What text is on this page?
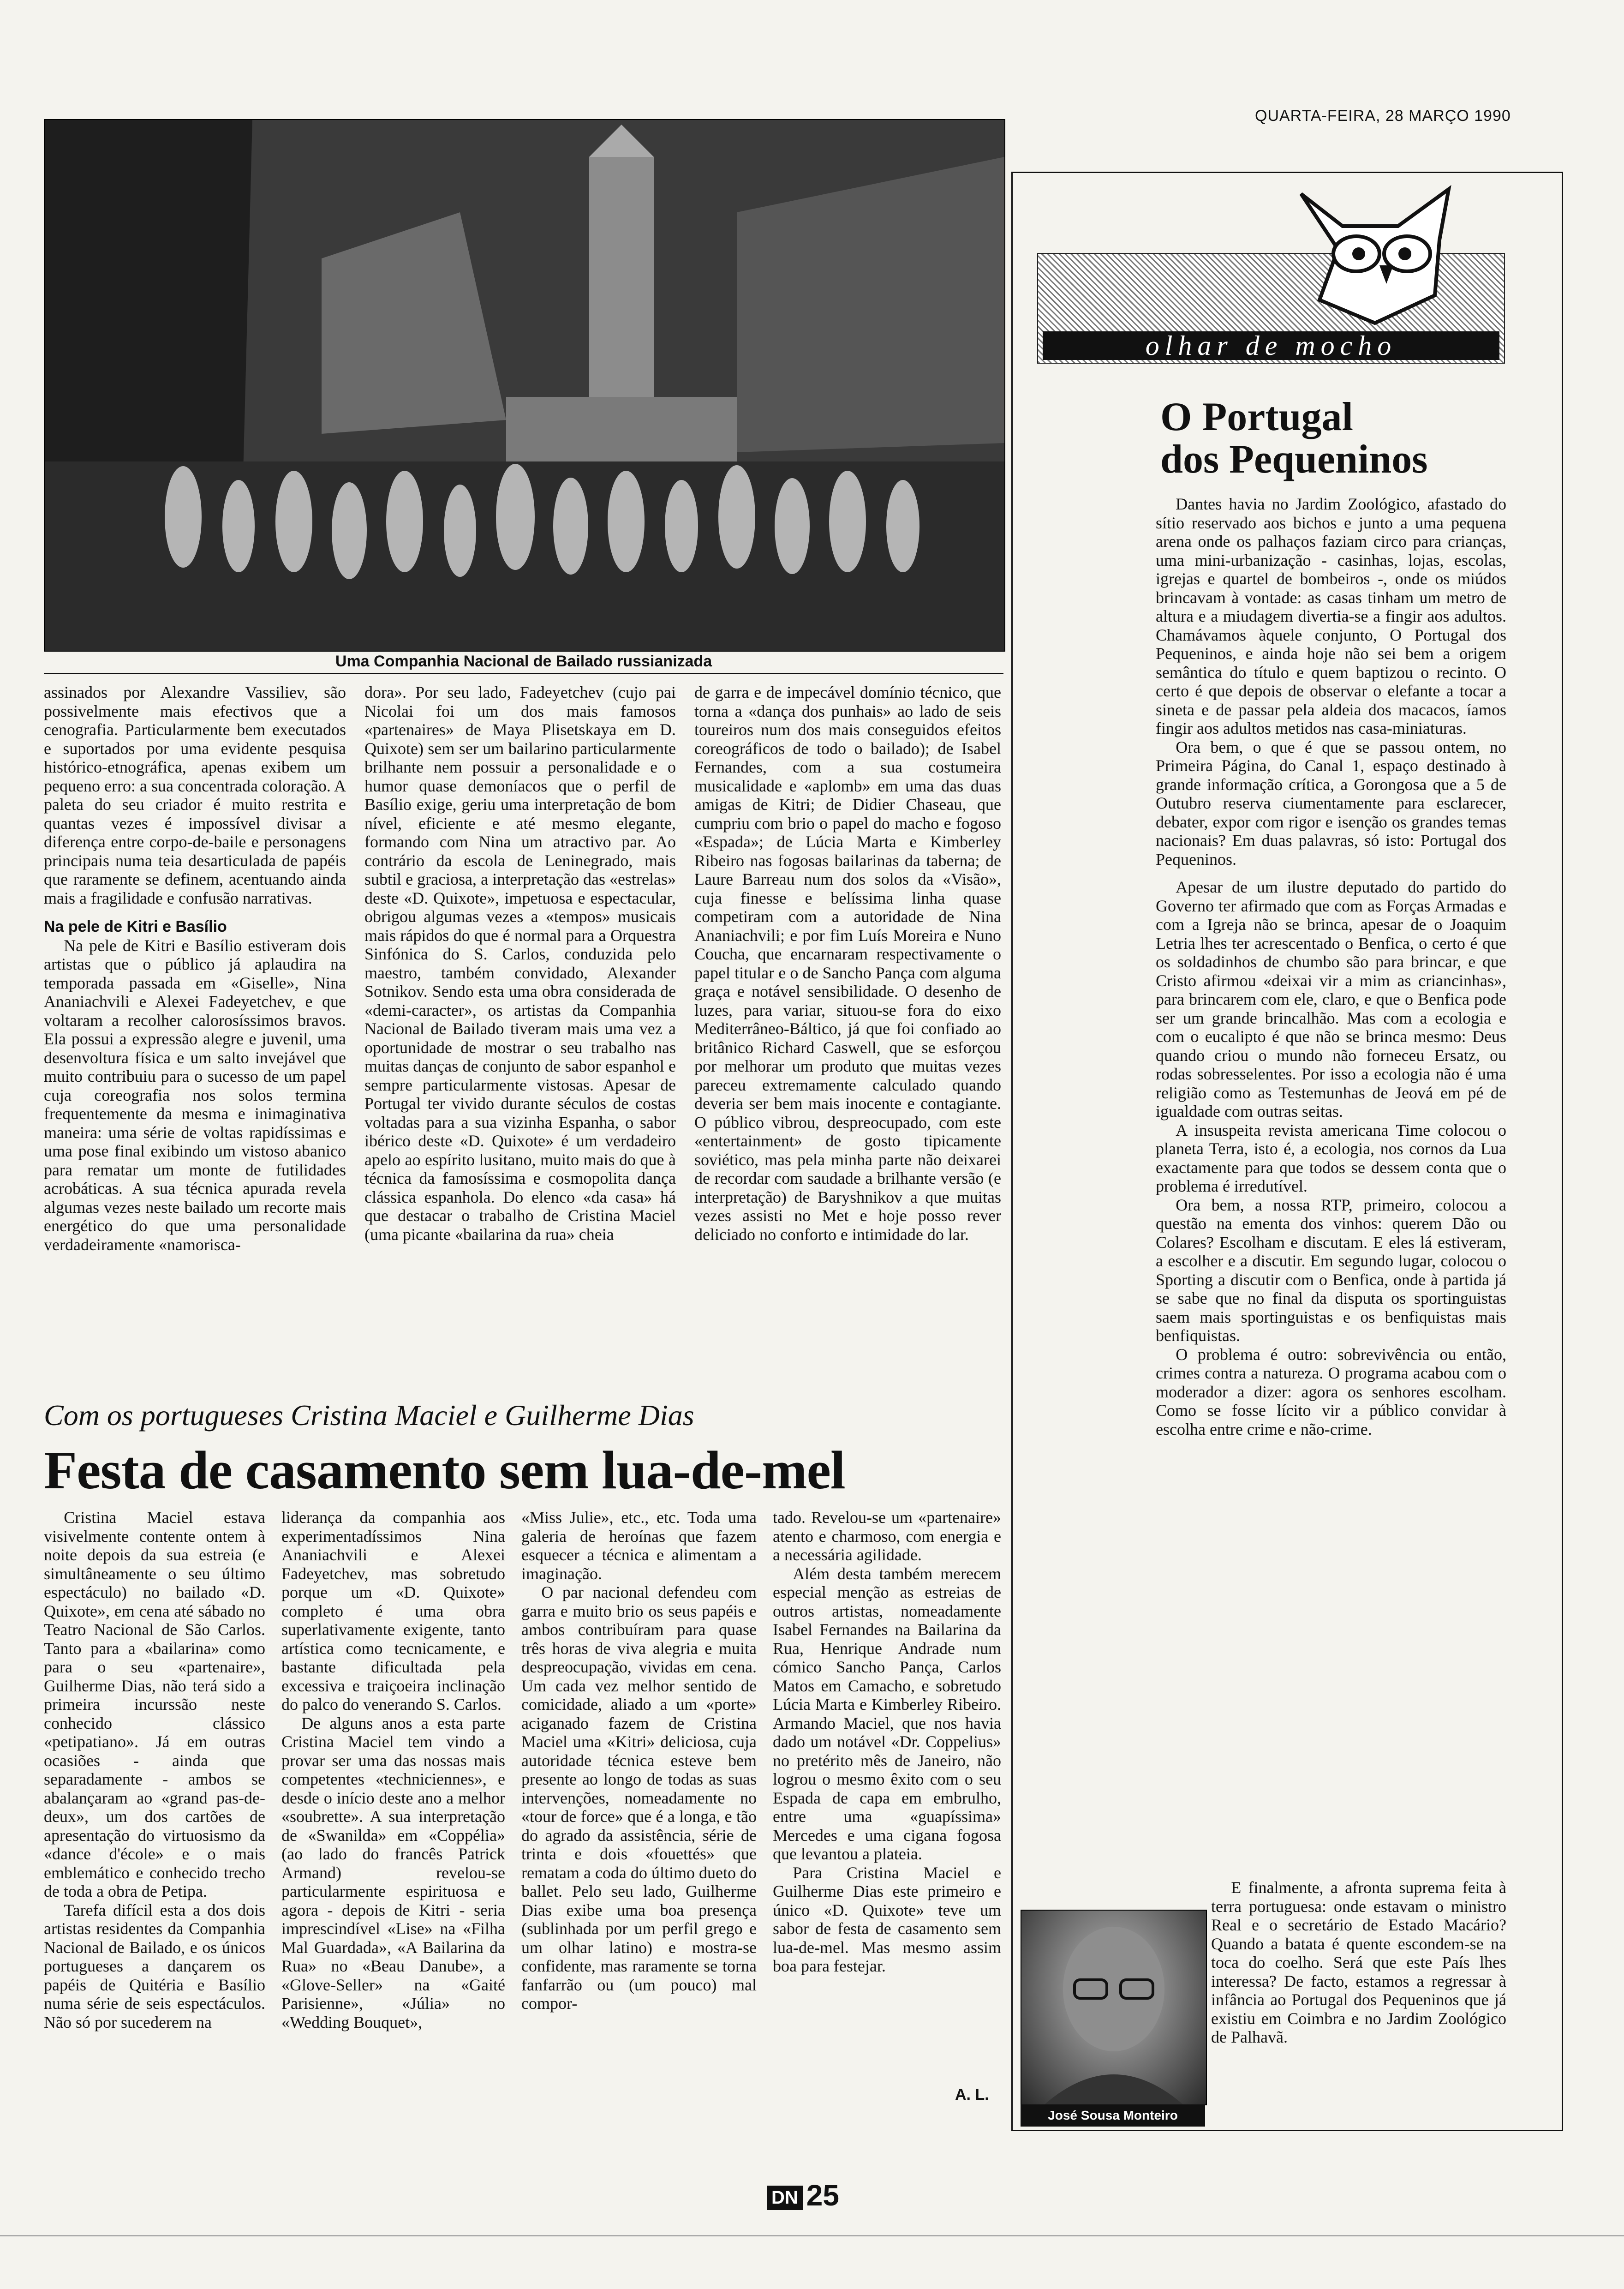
QUARTA-FEIRA, 28 MARÇO 1990
Uma Companhia Nacional de Bailado russianizada

assinados por Alexandre Vassiliev, são possivelmente mais efectivos que a cenografia. Particularmente bem executados e suportados por uma evidente pesquisa histórico-etnográfica, apenas exibem um pequeno erro: a sua concentrada coloração. A paleta do seu criador é muito restrita e quantas vezes é impossível divisar a diferença entre corpo-de-baile e personagens principais numa teia desarticulada de papéis que raramente se definem, acentuando ainda mais a fragilidade e confusão narrativas.

Na pele de Kitri e Basílio

Na pele de Kitri e Basílio estiveram dois artistas que o público já aplaudira na temporada passada em «Giselle», Nina Ananiachvili e Alexei Fadeyetchev, e que voltaram a recolher calorosíssimos bravos. Ela possui a expressão alegre e juvenil, uma desenvoltura física e um salto invejável que muito contribuiu para o sucesso de um papel cuja coreografia nos solos termina frequentemente da mesma e inimaginativa maneira: uma série de voltas rapidíssimas e uma pose final exibindo um vistoso abanico para rematar um monte de futilidades acrobáticas. A sua técnica apurada revela algumas vezes neste bailado um recorte mais energético do que uma personalidade verdadeiramente «namorisca-

dora». Por seu lado, Fadeyetchev (cujo pai Nicolai foi um dos mais famosos «partenaires» de Maya Plisetskaya em D. Quixote) sem ser um bailarino particularmente brilhante nem possuir a personalidade e o humor quase demoníacos que o perfil de Basílio exige, geriu uma interpretação de bom nível, eficiente e até mesmo elegante, formando com Nina um atractivo par. Ao contrário da escola de Leninegrado, mais subtil e graciosa, a interpretação das «estrelas» deste «D. Quixote», impetuosa e espectacular, obrigou algumas vezes a «tempos» musicais mais rápidos do que é normal para a Orquestra Sinfónica do S. Carlos, conduzida pelo maestro, também convidado, Alexander Sotnikov. Sendo esta uma obra considerada de «demi-caracter», os artistas da Companhia Nacional de Bailado tiveram mais uma vez a oportunidade de mostrar o seu trabalho nas muitas danças de conjunto de sabor espanhol e sempre particularmente vistosas. Apesar de Portugal ter vivido durante séculos de costas voltadas para a sua vizinha Espanha, o sabor ibérico deste «D. Quixote» é um verdadeiro apelo ao espírito lusitano, muito mais do que à técnica da famosíssima e cosmopolita dança clássica espanhola. Do elenco «da casa» há que destacar o trabalho de Cristina Maciel (uma picante «bailarina da rua» cheia

de garra e de impecável domínio técnico, que torna a «dança dos punhais» ao lado de seis toureiros num dos mais conseguidos efeitos coreográficos de todo o bailado); de Isabel Fernandes, com a sua costumeira musicalidade e «aplomb» em uma das duas amigas de Kitri; de Didier Chaseau, que cumpriu com brio o papel do macho e fogoso «Espada»; de Lúcia Marta e Kimberley Ribeiro nas fogosas bailarinas da taberna; de Laure Barreau num dos solos da «Visão», cuja finesse e belíssima linha quase competiram com a autoridade de Nina Ananiachvili; e por fim Luís Moreira e Nuno Coucha, que encarnaram respectivamente o papel titular e o de Sancho Pança com alguma graça e notável sensibilidade. O desenho de luzes, para variar, situou-se fora do eixo Mediterrâneo-Báltico, já que foi confiado ao britânico Richard Caswell, que se esforçou por melhorar um produto que muitas vezes pareceu extremamente calculado quando deveria ser bem mais inocente e contagiante. O público vibrou, despreocupado, com este «entertainment» de gosto tipicamente soviético, mas pela minha parte não deixarei de recordar com saudade a brilhante versão (e interpretação) de Baryshnikov a que muitas vezes assisti no Met e hoje posso rever deliciado no conforto e intimidade do lar.

Com os portugueses Cristina Maciel e Guilherme Dias
Festa de casamento sem lua-de-mel

Cristina Maciel estava visivelmente contente ontem à noite depois da sua estreia (e simultâneamente o seu último espectáculo) no bailado «D. Quixote», em cena até sábado no Teatro Nacional de São Carlos. Tanto para a «bailarina» como para o seu «partenaire», Guilherme Dias, não terá sido a primeira incurssão neste conhecido clássico «petipatiano». Já em outras ocasiões - ainda que separadamente - ambos se abalançaram ao «grand pas-de-deux», um dos cartões de apresentação do virtuosismo da «dance d'école» e o mais emblemático e conhecido trecho de toda a obra de Petipa.

Tarefa difícil esta a dos dois artistas residentes da Companhia Nacional de Bailado, e os únicos portugueses a dançarem os papéis de Quitéria e Basílio numa série de seis espectáculos. Não só por sucederem na

liderança da companhia aos experimentadíssimos Nina Ananiachvili e Alexei Fadeyetchev, mas sobretudo porque um «D. Quixote» completo é uma obra superlativamente exigente, tanto artística como tecnicamente, e bastante dificultada pela excessiva e traiçoeira inclinação do palco do venerando S. Carlos.

De alguns anos a esta parte Cristina Maciel tem vindo a provar ser uma das nossas mais competentes «techniciennes», e desde o início deste ano a melhor «soubrette». A sua interpretação de «Swanilda» em «Coppélia» (ao lado do francês Patrick Armand) revelou-se particularmente espirituosa e agora - depois de Kitri - seria imprescindível «Lise» na «Filha Mal Guardada», «A Bailarina da Rua» no «Beau Danube», a «Glove-Seller» na «Gaité Parisienne», «Júlia» no «Wedding Bouquet»,

«Miss Julie», etc., etc. Toda uma galeria de heroínas que fazem esquecer a técnica e alimentam a imaginação.

O par nacional defendeu com garra e muito brio os seus papéis e ambos contribuíram para quase três horas de viva alegria e muita despreocupação, vividas em cena. Um cada vez melhor sentido de comicidade, aliado a um «porte» aciganado fazem de Cristina Maciel uma «Kitri» deliciosa, cuja autoridade técnica esteve bem presente ao longo de todas as suas intervenções, nomeadamente no «tour de force» que é a longa, e tão do agrado da assistência, série de trinta e dois «fouettés» que rematam a coda do último dueto do ballet. Pelo seu lado, Guilherme Dias exibe uma boa presença (sublinhada por um perfil grego e um olhar latino) e mostra-se confidente, mas raramente se torna fanfarrão ou (um pouco) mal compor-

tado. Revelou-se um «partenaire» atento e charmoso, com energia e a necessária agilidade.

Além desta também merecem especial menção as estreias de outros artistas, nomeadamente Isabel Fernandes na Bailarina da Rua, Henrique Andrade num cómico Sancho Pança, Carlos Matos em Camacho, e sobretudo Lúcia Marta e Kimberley Ribeiro. Armando Maciel, que nos havia dado um notável «Dr. Coppelius» no pretérito mês de Janeiro, não logrou o mesmo êxito com o seu Espada de capa em embrulho, entre uma «guapíssima» Mercedes e uma cigana fogosa que levantou a plateia.

Para Cristina Maciel e Guilherme Dias este primeiro e único «D. Quixote» teve um sabor de festa de casamento sem lua-de-mel. Mas mesmo assim boa para festejar.

A. L.
olhar de mocho
O Portugal
dos Pequeninos

Dantes havia no Jardim Zoológico, afastado do sítio reservado aos bichos e junto a uma pequena arena onde os palhaços faziam circo para crianças, uma mini-urbanização - casinhas, lojas, escolas, igrejas e quartel de bombeiros -, onde os miúdos brincavam à vontade: as casas tinham um metro de altura e a miudagem divertia-se a fingir aos adultos. Chamávamos àquele conjunto, O Portugal dos Pequeninos, e ainda hoje não sei bem a origem semântica do título e quem baptizou o recinto. O certo é que depois de observar o elefante a tocar a sineta e de passar pela aldeia dos macacos, íamos fingir aos adultos metidos nas casa-miniaturas.

Ora bem, o que é que se passou ontem, no Primeira Página, do Canal 1, espaço destinado à grande informação crítica, a Gorongosa que a 5 de Outubro reserva ciumentamente para esclarecer, debater, expor com rigor e isenção os grandes temas nacionais? Em duas palavras, só isto: Portugal dos Pequeninos.

Apesar de um ilustre deputado do partido do Governo ter afirmado que com as Forças Armadas e com a Igreja não se brinca, apesar de o Joaquim Letria lhes ter acrescentado o Benfica, o certo é que os soldadinhos de chumbo são para brincar, e que Cristo afirmou «deixai vir a mim as criancinhas», para brincarem com ele, claro, e que o Benfica pode ser um grande brincalhão. Mas com a ecologia e com o eucalipto é que não se brinca mesmo: Deus quando criou o mundo não forneceu Ersatz, ou rodas sobresselentes. Por isso a ecologia não é uma religião como as Testemunhas de Jeová em pé de igualdade com outras seitas.

A insuspeita revista americana Time colocou o planeta Terra, isto é, a ecologia, nos cornos da Lua exactamente para que todos se dessem conta que o problema é irredutível.

Ora bem, a nossa RTP, primeiro, colocou a questão na ementa dos vinhos: querem Dão ou Colares? Escolham e discutam. E eles lá estiveram, a escolher e a discutir. Em segundo lugar, colocou o Sporting a discutir com o Benfica, onde à partida já se sabe que no final da disputa os sportinguistas saem mais sportinguistas e os benfiquistas mais benfiquistas.

O problema é outro: sobrevivência ou então, crimes contra a natureza. O programa acabou com o moderador a dizer: agora os senhores escolham. Como se fosse lícito vir a público convidar à escolha entre crime e não-crime.

E finalmente, a afronta suprema feita à terra portuguesa: onde estavam o ministro Real e o secretário de Estado Macário? Quando a batata é quente escondem-se na toca do coelho. Será que este País lhes interessa? De facto, estamos a regressar à infância ao Portugal dos Pequeninos que já existiu em Coimbra e no Jardim Zoológico de Palhavã.

José Sousa Monteiro
DN 25
